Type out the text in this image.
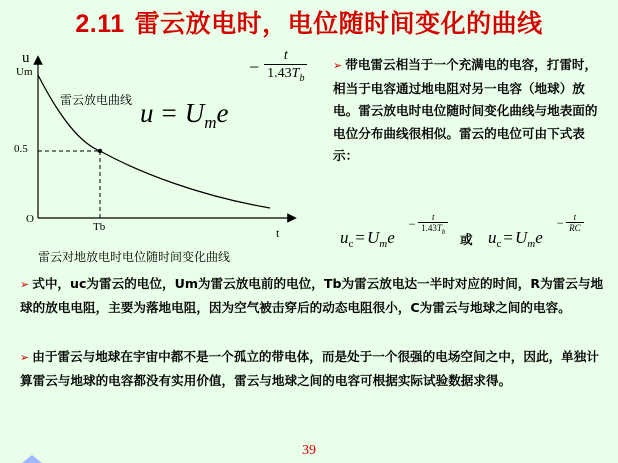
2.11 雷云放电时，电位随时间变化的曲线
u
Um
0.5
O
Tb	t
雷云放电曲线
雷云对地放电时电位随时间变化曲线
u = Ume
− $\frac{t}{1.43T_b}$ ➢ 带电雷云相当于一个充满电的电容，打雷时，相当于电容通过地电阻对另一电容（地球）放电。雷云放电时电位随时间变化曲线与地表面的电位分布曲线很相似。雷云的电位可由下式表示：
$u_c = U_me$
− $\frac{t}{1.43T_b}$
或 $u_c = U_me$
− $\frac{t}{RC}$
➢ 式中，uc为雷云的电位，Um为雷云放电前的电位，Tb为雷云放电达一半时对应的时间，R为雷云与地球的放电电阻，主要为落地电阻，因为空气被击穿后的动态电阻很小，C为雷云与地球之间的电容。
➢ 由于雷云与地球在宇宙中都不是一个孤立的带电体，而是处于一个很强的电场空间之中，因此，单独计算雷云与地球的电容都没有实用价值，雷云与地球之间的电容可根据实际试验数据求得。
39
